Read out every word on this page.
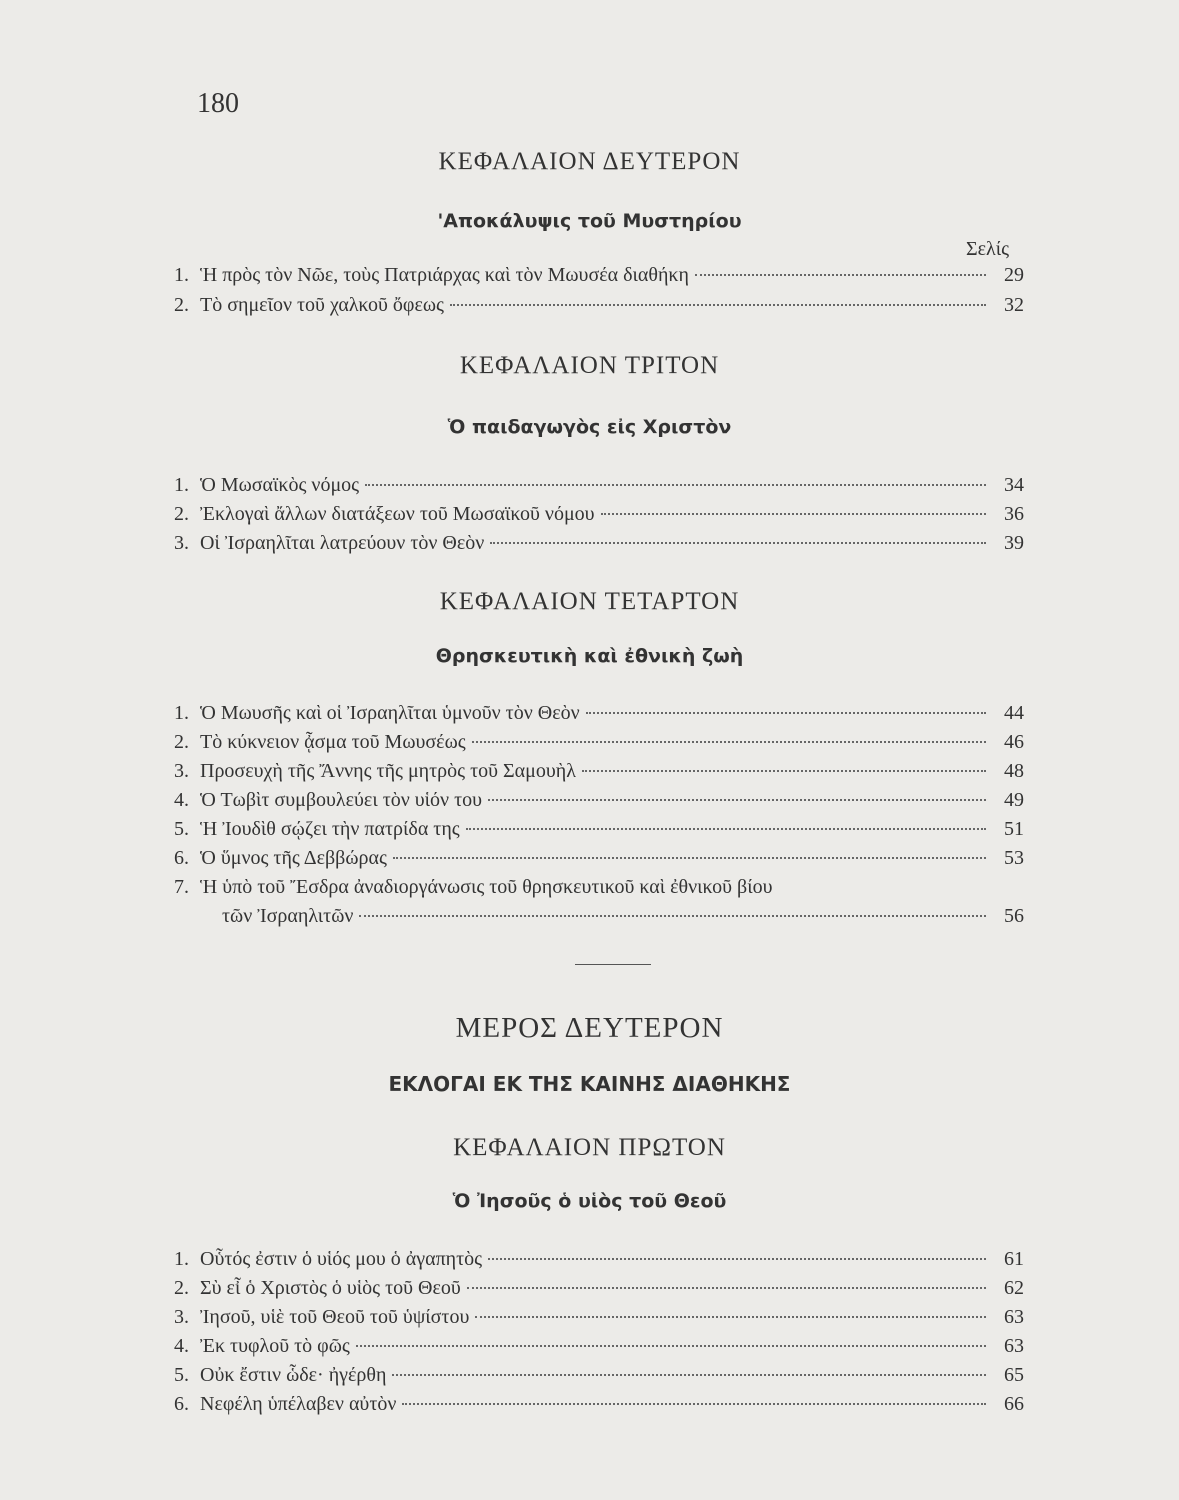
180
ΚΕΦΑΛΑΙΟΝ ΔΕΥΤΕΡΟΝ
'Αποκάλυψις τοῦ Μυστηρίου
Σελίς
1. Ἡ πρὸς τὸν Νῶε, τοὺς Πατριάρχας καὶ τὸν Μωυσέα διαθήκη	29
2. Τὸ σημεῖον τοῦ χαλκοῦ ὄφεως	32
ΚΕΦΑΛΑΙΟΝ ΤΡΙΤΟΝ
Ὁ παιδαγωγὸς εἰς Χριστὸν
1. Ὁ Μωσαϊκὸς νόμος	34
2. Ἐκλογαὶ ἄλλων διατάξεων τοῦ Μωσαϊκοῦ νόμου	36
3. Οἱ Ἰσραηλῖται λατρεύουν τὸν Θεὸν	39
ΚΕΦΑΛΑΙΟΝ ΤΕΤΑΡΤΟΝ
Θρησκευτικὴ καὶ ἐθνικὴ ζωὴ
1. Ὁ Μωυσῆς καὶ οἱ Ἰσραηλῖται ὑμνοῦν τὸν Θεὸν	44
2. Τὸ κύκνειον ᾆσμα τοῦ Μωυσέως	46
3. Προσευχὴ τῆς Ἄννης τῆς μητρὸς τοῦ Σαμουὴλ	48
4. Ὁ Τωβὶτ συμβουλεύει τὸν υἱόν του	49
5. Ἡ Ἰουδὶθ σῴζει τὴν πατρίδα της	51
6. Ὁ ὕμνος τῆς Δεββώρας	53
7. Ἡ ὑπὸ τοῦ Ἔσδρα ἀναδιοργάνωσις τοῦ θρησκευτικοῦ καὶ ἐθνικοῦ βίου
τῶν Ἰσραηλιτῶν	56
ΜΕΡΟΣ ΔΕΥΤΕΡΟΝ
ΕΚΛΟΓΑΙ ΕΚ ΤΗΣ ΚΑΙΝΗΣ ΔΙΑΘΗΚΗΣ
ΚΕΦΑΛΑΙΟΝ ΠΡΩΤΟΝ
Ὁ Ἰησοῦς ὁ υἱὸς τοῦ Θεοῦ
1. Οὗτός ἐστιν ὁ υἱός μου ὁ ἀγαπητὸς	61
2. Σὺ εἶ ὁ Χριστὸς ὁ υἱὸς τοῦ Θεοῦ	62
3. Ἰησοῦ, υἱὲ τοῦ Θεοῦ τοῦ ὑψίστου	63
4. Ἐκ τυφλοῦ τὸ φῶς	63
5. Οὐκ ἔστιν ὧδε· ἠγέρθη	65
6. Νεφέλη ὑπέλαβεν αὐτὸν	66
